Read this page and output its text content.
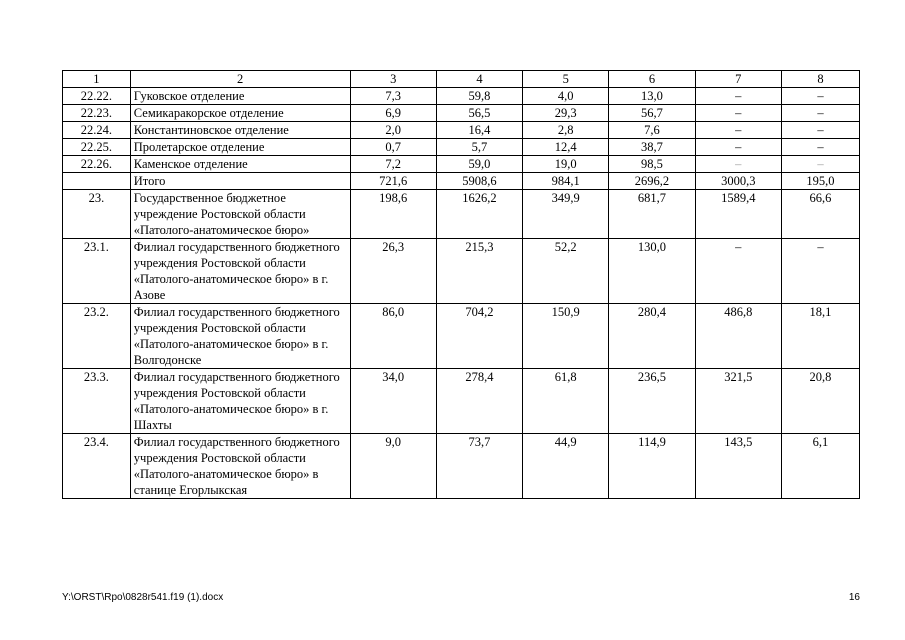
1	2	3	4	5	6	7	8
22.22.	Гуковское отделение	7,3	59,8	4,0	13,0	–	–
22.23.	Семикаракорское отделение	6,9	56,5	29,3	56,7	–	–
22.24.	Константиновское отделение	2,0	16,4	2,8	7,6	–	–
22.25.	Пролетарское отделение	0,7	5,7	12,4	38,7	–	–
22.26.	Каменское отделение	7,2	59,0	19,0	98,5	–	–
	Итого	721,6	5908,6	984,1	2696,2	3000,3	195,0
23.	Государственное бюджетное учреждение Ростовской области «Патолого-анатомическое бюро»	198,6	1626,2	349,9	681,7	1589,4	66,6
23.1.	Филиал государственного бюджетного учреждения Ростовской области «Патолого-анатомическое бюро» в г. Азове	26,3	215,3	52,2	130,0	–	–
23.2.	Филиал государственного бюджетного учреждения Ростовской области «Патолого-анатомическое бюро» в г. Волгодонске	86,0	704,2	150,9	280,4	486,8	18,1
23.3.	Филиал государственного бюджетного учреждения Ростовской области «Патолого-анатомическое бюро» в г. Шахты	34,0	278,4	61,8	236,5	321,5	20,8
23.4.	Филиал государственного бюджетного учреждения Ростовской области «Патолого-анатомическое бюро» в станице Егорлыкская	9,0	73,7	44,9	114,9	143,5	6,1
Y:\ORST\Rpo\0828r541.f19 (1).docx	16
